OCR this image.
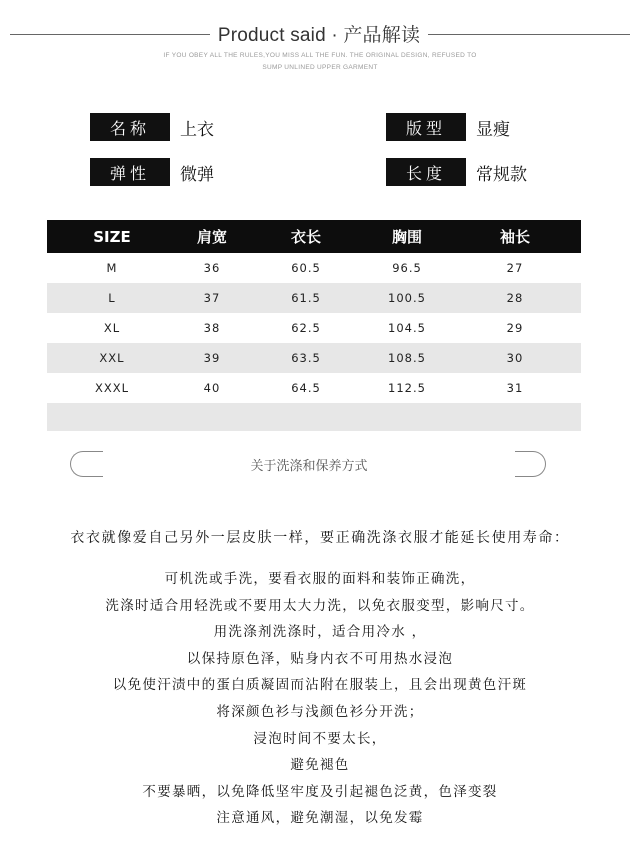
Product said · 产品解读
IF YOU OBEY ALL THE RULES,YOU MISS ALL THE FUN. THE ORIGINAL DESIGN, REFUSED TO
SUMP UNLINED UPPER GARMENT
名称	上衣	版型	显瘦
弹性	微弹	长度	常规款
SIZE	肩宽	衣长	胸围	袖长
M	36	60.5	96.5	27
L	37	61.5	100.5	28
XL	38	62.5	104.5	29
XXL	39	63.5	108.5	30
XXXL	40	64.5	112.5	31
关于洗涤和保养方式
衣衣就像爱自己另外一层皮肤一样，要正确洗涤衣服才能延长使用寿命：
可机洗或手洗，要看衣服的面料和装饰正确洗，
洗涤时适合用轻洗或不要用太大力洗，以免衣服变型，影响尺寸。
用洗涤剂洗涤时，适合用冷水 ，
以保持原色泽，贴身内衣不可用热水浸泡
以免使汗渍中的蛋白质凝固而沾附在服装上，且会出现黄色汗斑
将深颜色衫与浅颜色衫分开洗；
浸泡时间不要太长，
避免褪色
不要暴晒，以免降低坚牢度及引起褪色泛黄，色泽变裂
注意通风，避免潮湿，以免发霉
